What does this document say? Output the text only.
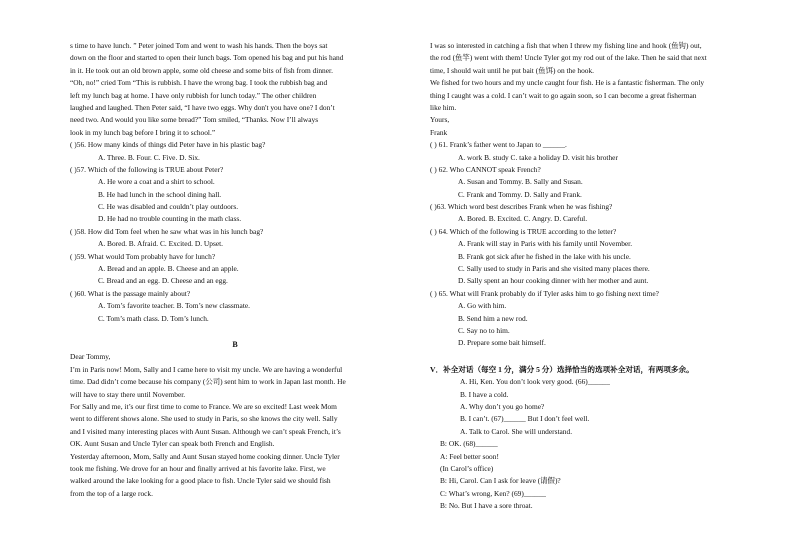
s time to have lunch. ” Peter joined Tom and went to wash his hands. Then the boys sat
down on the floor and started to open their lunch bags. Tom opened his bag and put his hand
in it. He took out an old brown apple, some old cheese and some bits of fish from dinner.
“Oh, no!” cried Tom “This is rubbish. I have the wrong bag. I took the rubbish bag and
left my lunch bag at home. I have only rubbish for lunch today.” The other children
laughed and laughed. Then Peter said, “I have two eggs. Why don't you have one? I don’t
need two. And would you like some bread?” Tom smiled, “Thanks. Now I’ll always
look in my lunch bag before I bring it to school.”
( )56. How many kinds of things did Peter have in his plastic bag?
A. Three. B. Four. C. Five. D. Six.
( )57. Which of the following is TRUE about Peter?
A. He wore a coat and a shirt to school.
B. He had lunch in the school dining hall.
C. He was disabled and couldn’t play outdoors.
D. He had no trouble counting in the math class.
( )58. How did Tom feel when he saw what was in his lunch bag?
A. Bored. B. Afraid. C. Excited. D. Upset.
( )59. What would Tom probably have for lunch?
A. Bread and an apple. B. Cheese and an apple.
C. Bread and an egg. D. Cheese and an egg.
( )60. What is the passage mainly about?
A. Tom’s favorite teacher. B. Tom’s new classmate.
C. Tom’s math class. D. Tom’s lunch.
B
Dear Tommy,
I’m in Paris now! Mom, Sally and I came here to visit my uncle. We are having a wonderful
time. Dad didn’t come because his company (公司) sent him to work in Japan last month. He
will have to stay there until November.
For Sally and me, it’s our first time to come to France. We are so excited! Last week Mom
went to different shows alone. She used to study in Paris, so she knows the city well. Sally
and I visited many interesting places with Aunt Susan. Although we can’t speak French, it’s
OK. Aunt Susan and Uncle Tyler can speak both French and English.
Yesterday afternoon, Mom, Sally and Aunt Susan stayed home cooking dinner. Uncle Tyler
took me fishing. We drove for an hour and finally arrived at his favorite lake. First, we
walked around the lake looking for a good place to fish. Uncle Tyler said we should fish
from the top of a large rock.
I was so interested in catching a fish that when I threw my fishing line and hook (鱼钩) out,
the rod (鱼竿) went with them! Uncle Tyler got my rod out of the lake. Then he said that next
time, I should wait until he put bait (鱼饵) on the hook.
We fished for two hours and my uncle caught four fish. He is a fantastic fisherman. The only
thing I caught was a cold. I can’t wait to go again soon, so I can become a great fisherman
like him.
Yours,
Frank
( ) 61. Frank’s father went to Japan to ______.
A. work B. study C. take a holiday D. visit his brother
( ) 62. Who CANNOT speak French?
A. Susan and Tommy. B. Sally and Susan.
C. Frank and Tommy. D. Sally and Frank.
( )63. Which word best describes Frank when he was fishing?
A. Bored. B. Excited. C. Angry. D. Careful.
( ) 64. Which of the following is TRUE according to the letter?
A. Frank will stay in Paris with his family until November.
B. Frank got sick after he fished in the lake with his uncle.
C. Sally used to study in Paris and she visited many places there.
D. Sally spent an hour cooking dinner with her mother and aunt.
( ) 65. What will Frank probably do if Tyler asks him to go fishing next time?
A. Go with him.
B. Send him a new rod.
C. Say no to him.
D. Prepare some bait himself.
V．补全对话（每空 1 分，满分 5 分）选择恰当的选项补全对话，有两项多余。
A. Hi, Ken. You don’t look very good. (66)______
B. I have a cold.
A. Why don’t you go home?
B. I can’t. (67)______ But I don’t feel well.
A. Talk to Carol. She will understand.
B: OK. (68)______
A: Feel better soon!
(In Carol’s office)
B: Hi, Carol. Can I ask for leave (请假)?
C: What’s wrong, Ken? (69)______
B: No. But I have a sore throat.
